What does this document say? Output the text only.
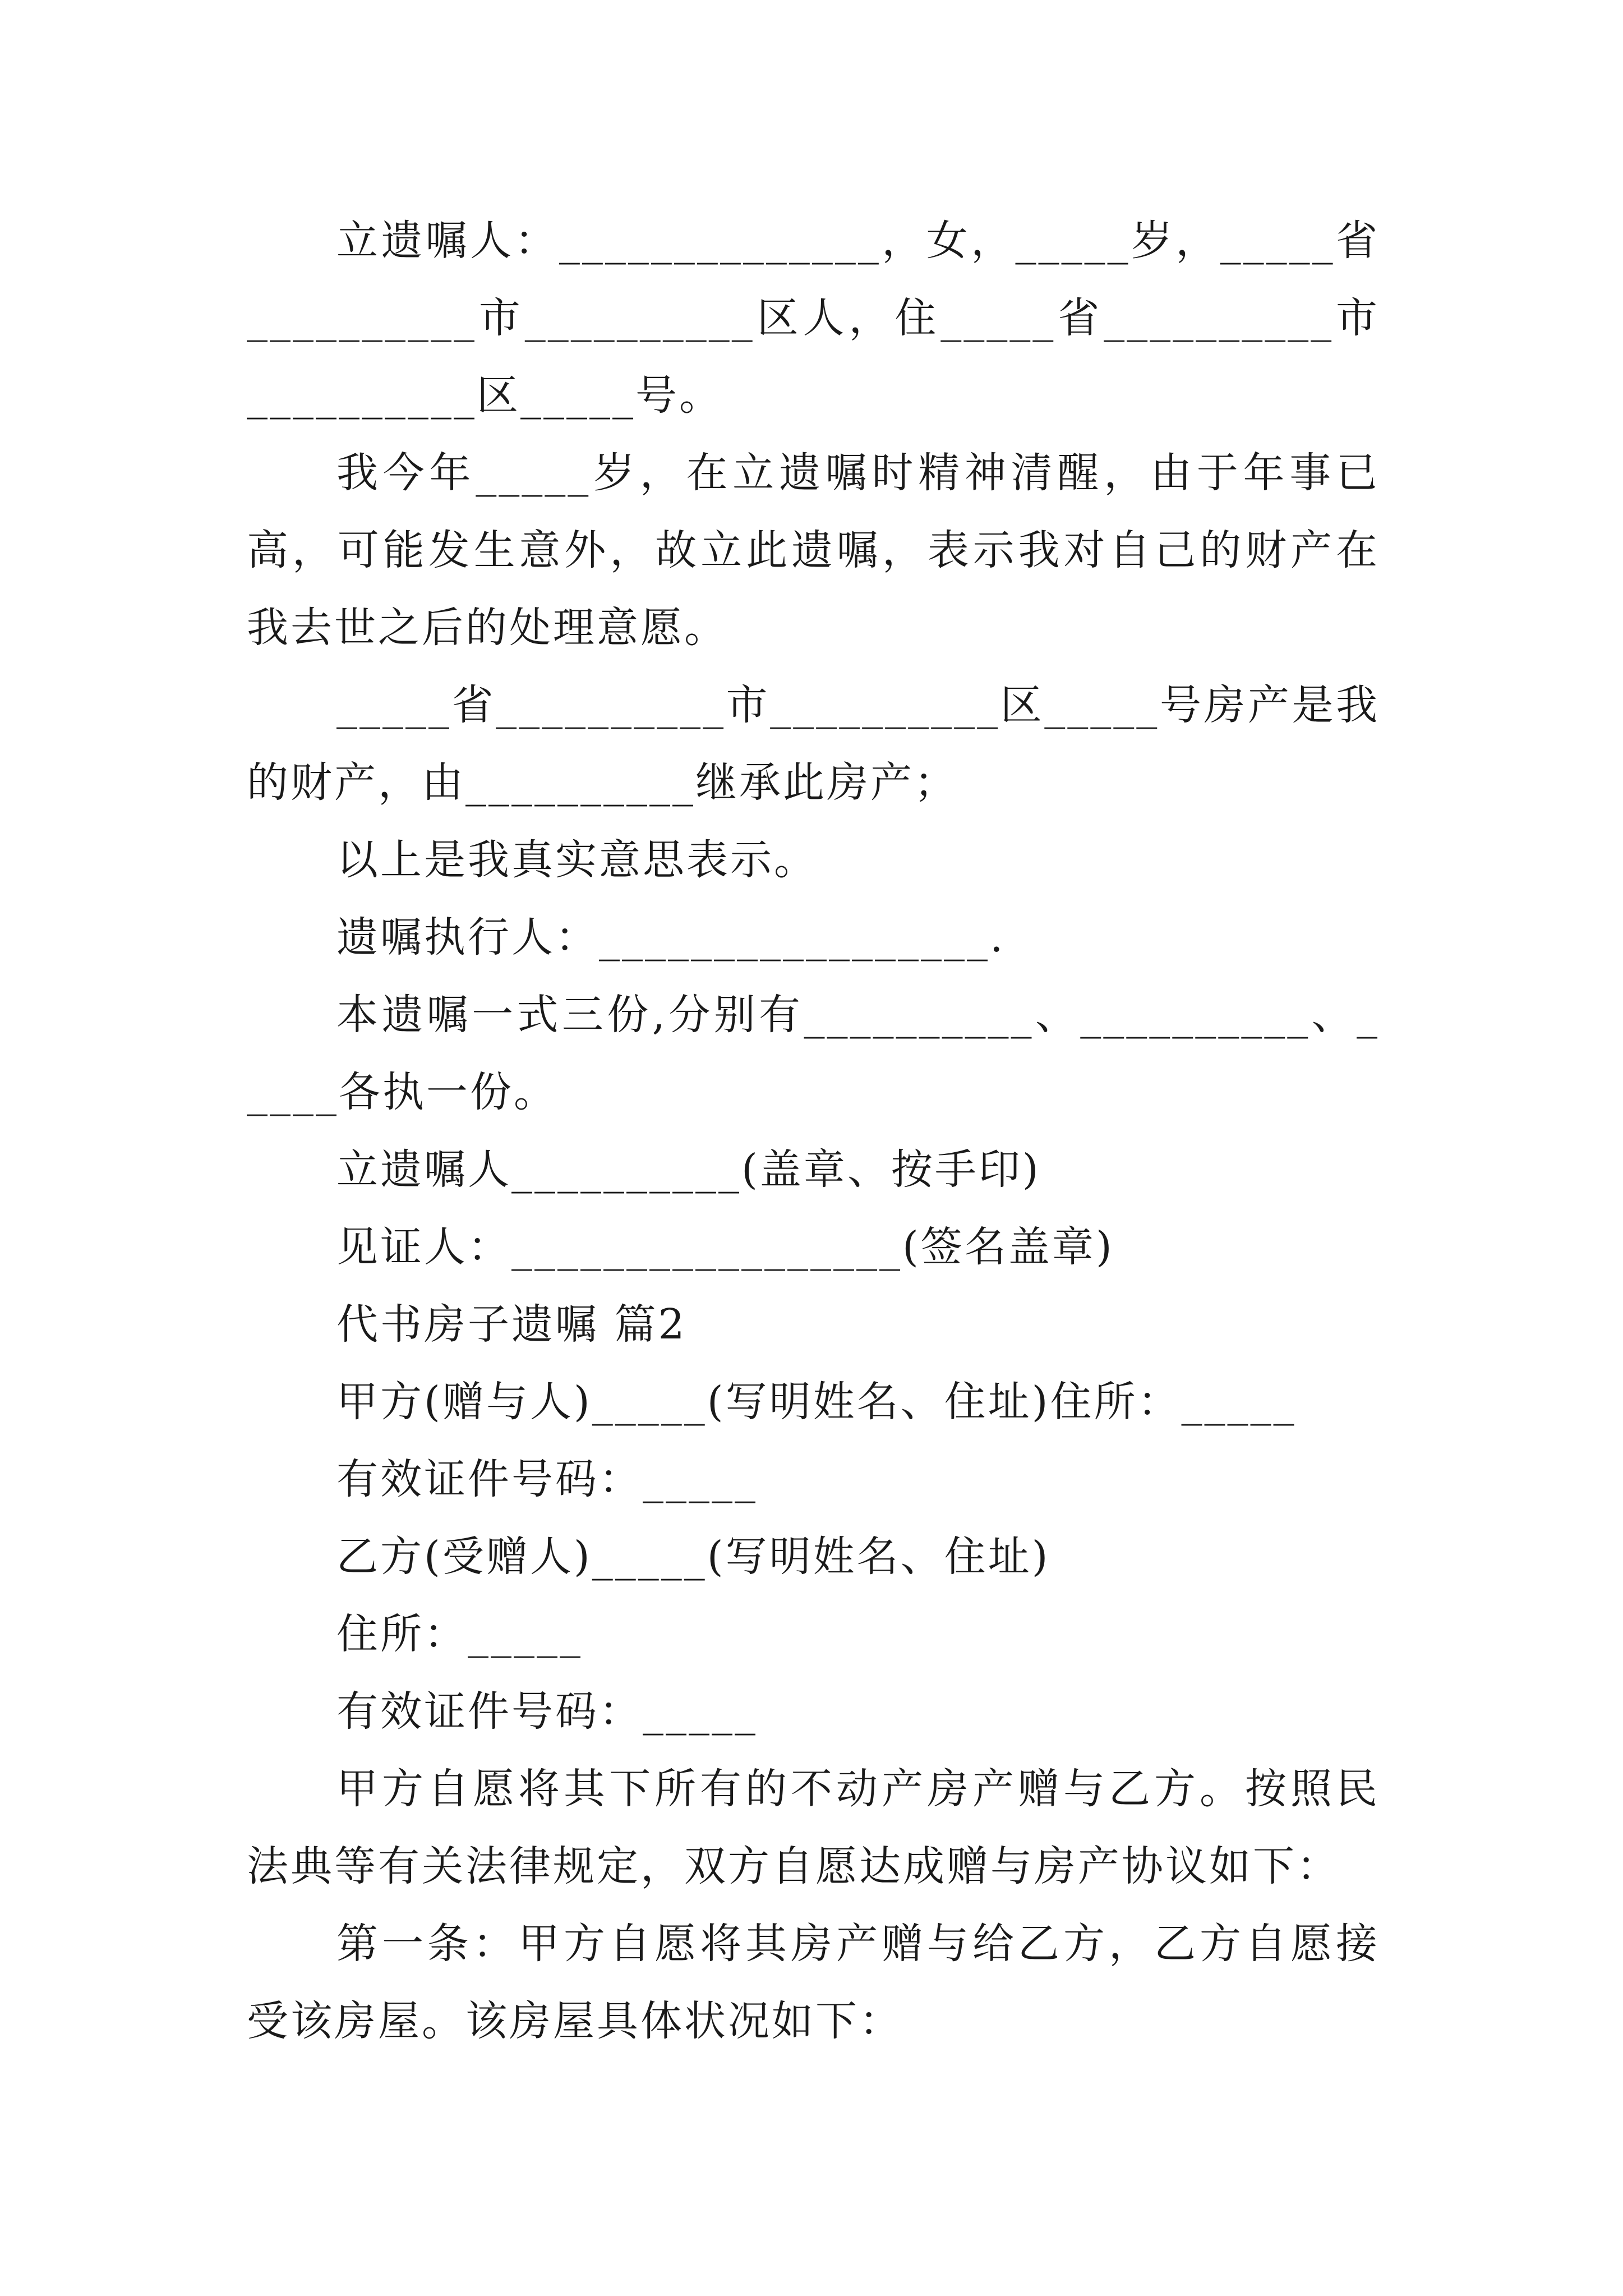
立遗嘱人：______________，女，_____岁，_____省__________市__________区人，住_____省__________市__________区_____号。

我今年_____岁，在立遗嘱时精神清醒，由于年事已高，可能发生意外，故立此遗嘱，表示我对自己的财产在我去世之后的处理意愿。

_____省__________市__________区_____号房产是我的财产，由__________继承此房产；

以上是我真实意思表示。

遗嘱执行人：_________________.

本遗嘱一式三份,分别有__________、__________、_____各执一份。

立遗嘱人__________(盖章、按手印)

见证人：_________________(签名盖章)

代书房子遗嘱 篇2

甲方(赠与人)_____(写明姓名、住址)住所：_____

有效证件号码：_____

乙方(受赠人)_____(写明姓名、住址)

住所：_____

有效证件号码：_____

甲方自愿将其下所有的不动产房产赠与乙方。按照民法典等有关法律规定，双方自愿达成赠与房产协议如下：

第一条：甲方自愿将其房产赠与给乙方，乙方自愿接受该房屋。该房屋具体状况如下：
